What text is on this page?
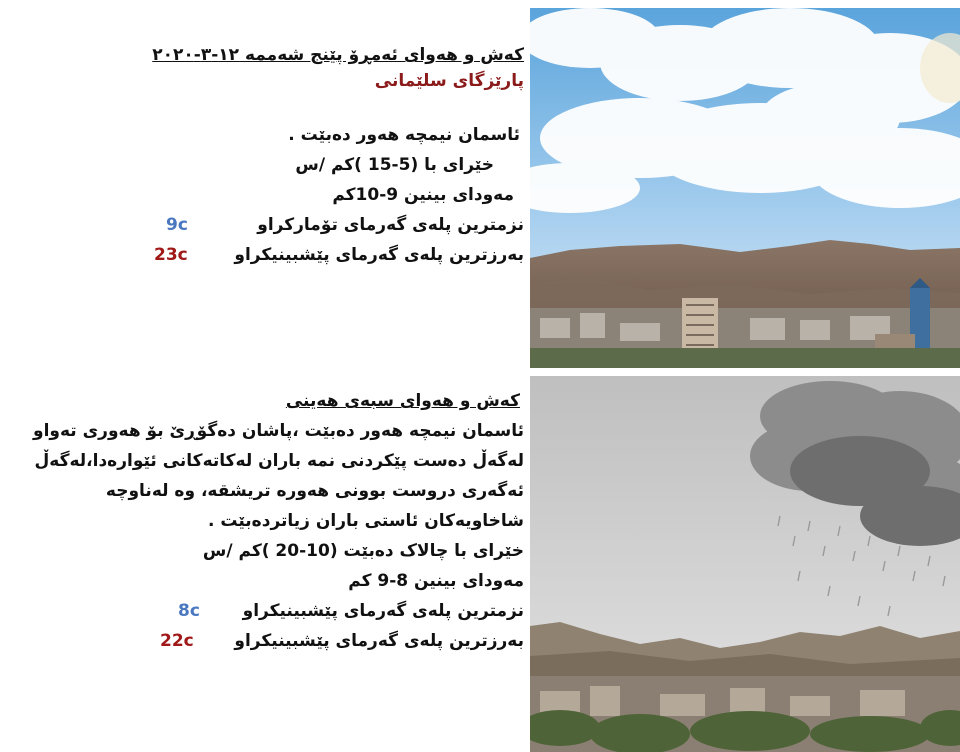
کەش و هەوای ئەمڕۆ پێنج شەممە ١٢-٣-٢٠٢٠
پارێزگای سلێمانی
ئاسمان نیمچە هەور دەبێت .
خێرای با (5-15 )کم /س
مەودای بینین 9-10کم
نزمترین پلەی گەرمای تۆمارکراو
9c
بەرزترین پلەی گەرمای پێشبینیکراو
23c
کەش و هەوای سبەی هەینی
ئاسمان نیمچە هەور دەبێت ،پاشان دەگۆڕێ بۆ هەوری تەواو
لەگەڵ دەست پێکردنی نمە باران لەکاتەکانی ئێوارەدا،لەگەڵ
ئەگەری دروست بوونی هەورە تریشقە، وە لەناوچە
شاخاویەکان ئاستی باران زیاتردەبێت .
خێرای با چالاک دەبێت (10-20 )کم /س
مەودای بینین 8-9 کم
نزمترین پلەی گەرمای پێشبینیکراو
8c
بەرزترین پلەی گەرمای پێشبینیکراو
22c
